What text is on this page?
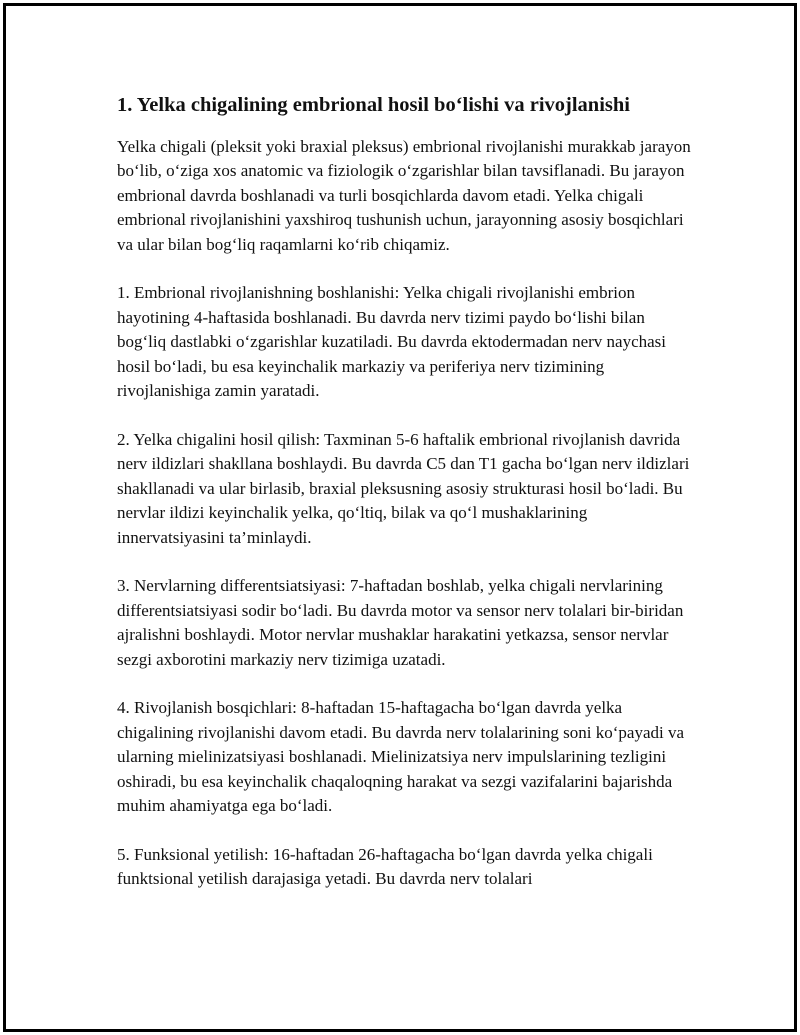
1. Yelka chigalining embrional hosil bo‘lishi va rivojlanishi

Yelka chigali (pleksit yoki braxial pleksus) embrional rivojlanishi murakkab jarayon bo‘lib, o‘ziga xos anatomic va fiziologik o‘zgarishlar bilan tavsiflanadi. Bu jarayon embrional davrda boshlanadi va turli bosqichlarda davom etadi. Yelka chigali embrional rivojlanishini yaxshiroq tushunish uchun, jarayonning asosiy bosqichlari va ular bilan bog‘liq raqamlarni ko‘rib chiqamiz.

1. Embrional rivojlanishning boshlanishi: Yelka chigali rivojlanishi embrion hayotining 4-haftasida boshlanadi. Bu davrda nerv tizimi paydo bo‘lishi bilan bog‘liq dastlabki o‘zgarishlar kuzatiladi. Bu davrda ektodermadan nerv naychasi hosil bo‘ladi, bu esa keyinchalik markaziy va periferiya nerv tizimining rivojlanishiga zamin yaratadi.

2. Yelka chigalini hosil qilish: Taxminan 5-6 haftalik embrional rivojlanish davrida nerv ildizlari shakllana boshlaydi. Bu davrda C5 dan T1 gacha bo‘lgan nerv ildizlari shakllanadi va ular birlasib, braxial pleksusning asosiy strukturasi hosil bo‘ladi. Bu nervlar ildizi keyinchalik yelka, qo‘ltiq, bilak va qo‘l mushaklarining innervatsiyasini ta’minlaydi.

3. Nervlarning differentsiatsiyasi: 7-haftadan boshlab, yelka chigali nervlarining differentsiatsiyasi sodir bo‘ladi. Bu davrda motor va sensor nerv tolalari bir-biridan ajralishni boshlaydi. Motor nervlar mushaklar harakatini yetkazsa, sensor nervlar sezgi axborotini markaziy nerv tizimiga uzatadi.

4. Rivojlanish bosqichlari: 8-haftadan 15-haftagacha bo‘lgan davrda yelka chigalining rivojlanishi davom etadi. Bu davrda nerv tolalarining soni ko‘payadi va ularning mielinizatsiyasi boshlanadi. Mielinizatsiya nerv impulslarining tezligini oshiradi, bu esa keyinchalik chaqaloqning harakat va sezgi vazifalarini bajarishda muhim ahamiyatga ega bo‘ladi.

5. Funksional yetilish: 16-haftadan 26-haftagacha bo‘lgan davrda yelka chigali funktsional yetilish darajasiga yetadi. Bu davrda nerv tolalari
